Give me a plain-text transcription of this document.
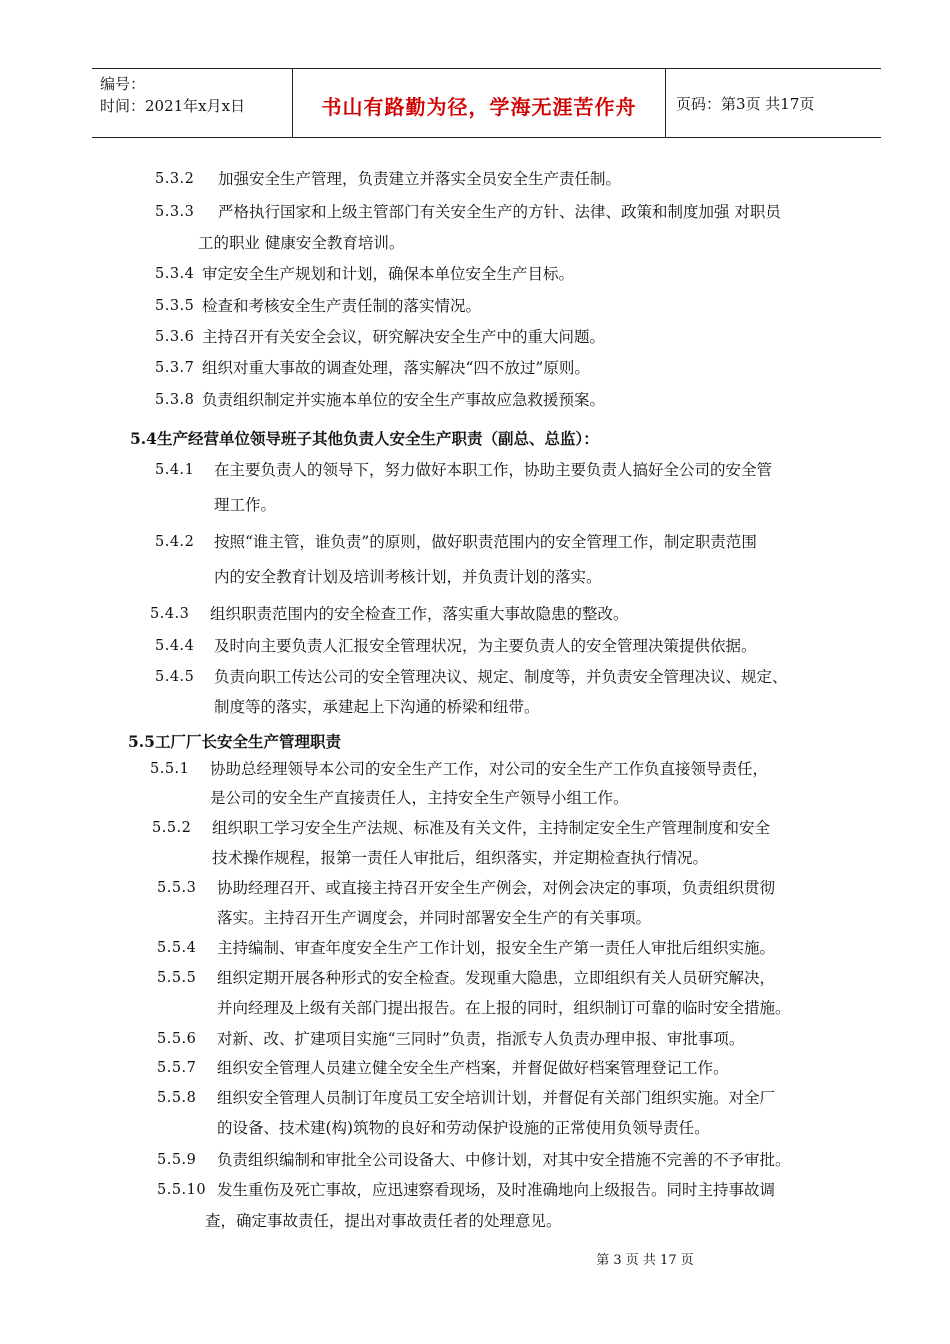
编号：
时间：2021年x月x日	书山有路勤为径，学海无涯苦作舟	页码：第3页 共17页
5.3.2 加强安全生产管理，负责建立并落实全员安全生产责任制。
5.3.3 严格执行国家和上级主管部门有关安全生产的方针、法律、政策和制度加强 对职员
工的职业 健康安全教育培训。
5.3.4 审定安全生产规划和计划，确保本单位安全生产目标。
5.3.5 检查和考核安全生产责任制的落实情况。
5.3.6 主持召开有关安全会议，研究解决安全生产中的重大问题。
5.3.7 组织对重大事故的调查处理，落实解决“四不放过”原则。
5.3.8 负责组织制定并实施本单位的安全生产事故应急救援预案。
5.4生产经营单位领导班子其他负责人安全生产职责（副总、总监）：
5.4.1 在主要负责人的领导下，努力做好本职工作，协助主要负责人搞好全公司的安全管
理工作。
5.4.2 按照“谁主管，谁负责”的原则，做好职责范围内的安全管理工作，制定职责范围
内的安全教育计划及培训考核计划，并负责计划的落实。
5.4.3 组织职责范围内的安全检查工作，落实重大事故隐患的整改。
5.4.4 及时向主要负责人汇报安全管理状况，为主要负责人的安全管理决策提供依据。
5.4.5 负责向职工传达公司的安全管理决议、规定、制度等，并负责安全管理决议、规定、
制度等的落实，承建起上下沟通的桥梁和纽带。
5.5工厂厂长安全生产管理职责
5.5.1 协助总经理领导本公司的安全生产工作，对公司的安全生产工作负直接领导责任，
是公司的安全生产直接责任人，主持安全生产领导小组工作。
5.5.2 组织职工学习安全生产法规、标准及有关文件，主持制定安全生产管理制度和安全
技术操作规程，报第一责任人审批后，组织落实，并定期检查执行情况。
5.5.3 协助经理召开、或直接主持召开安全生产例会，对例会决定的事项，负责组织贯彻
落实。主持召开生产调度会，并同时部署安全生产的有关事项。
5.5.4 主持编制、审查年度安全生产工作计划，报安全生产第一责任人审批后组织实施。
5.5.5 组织定期开展各种形式的安全检查。发现重大隐患，立即组织有关人员研究解决，
并向经理及上级有关部门提出报告。在上报的同时，组织制订可靠的临时安全措施。
5.5.6 对新、改、扩建项目实施“三同时”负责，指派专人负责办理申报、审批事项。
5.5.7 组织安全管理人员建立健全安全生产档案，并督促做好档案管理登记工作。
5.5.8 组织安全管理人员制订年度员工安全培训计划，并督促有关部门组织实施。对全厂
的设备、技术建(构)筑物的良好和劳动保护设施的正常使用负领导责任。
5.5.9 负责组织编制和审批全公司设备大、中修计划，对其中安全措施不完善的不予审批。
5.5.10 发生重伤及死亡事故，应迅速察看现场，及时准确地向上级报告。同时主持事故调
查，确定事故责任，提出对事故责任者的处理意见。
第 3 页 共 17 页
